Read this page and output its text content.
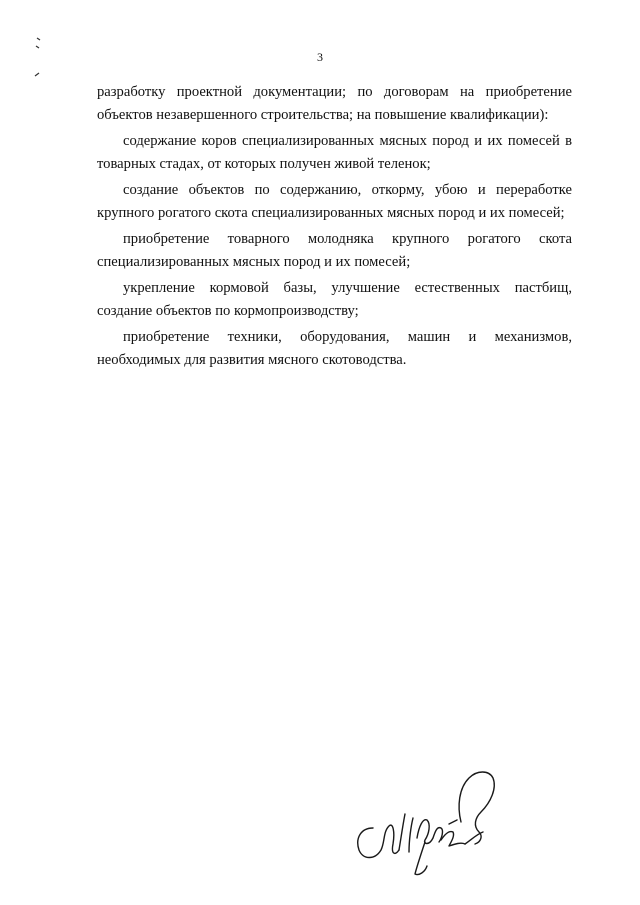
3

разработку проектной документации; по договорам на приобретение объектов незавершенного строительства; на повышение квалификации):

содержание коров специализированных мясных пород и их помесей в товарных стадах, от которых получен живой теленок;

создание объектов по содержанию, откорму, убою и переработке крупного рогатого скота специализированных мясных пород и их помесей;

приобретение товарного молодняка крупного рогатого скота специализированных мясных пород и их помесей;

укрепление кормовой базы, улучшение естественных пастбищ, создание объектов по кормопроизводству;

приобретение техники, оборудования, машин и механизмов, необходимых для развития мясного скотоводства.
